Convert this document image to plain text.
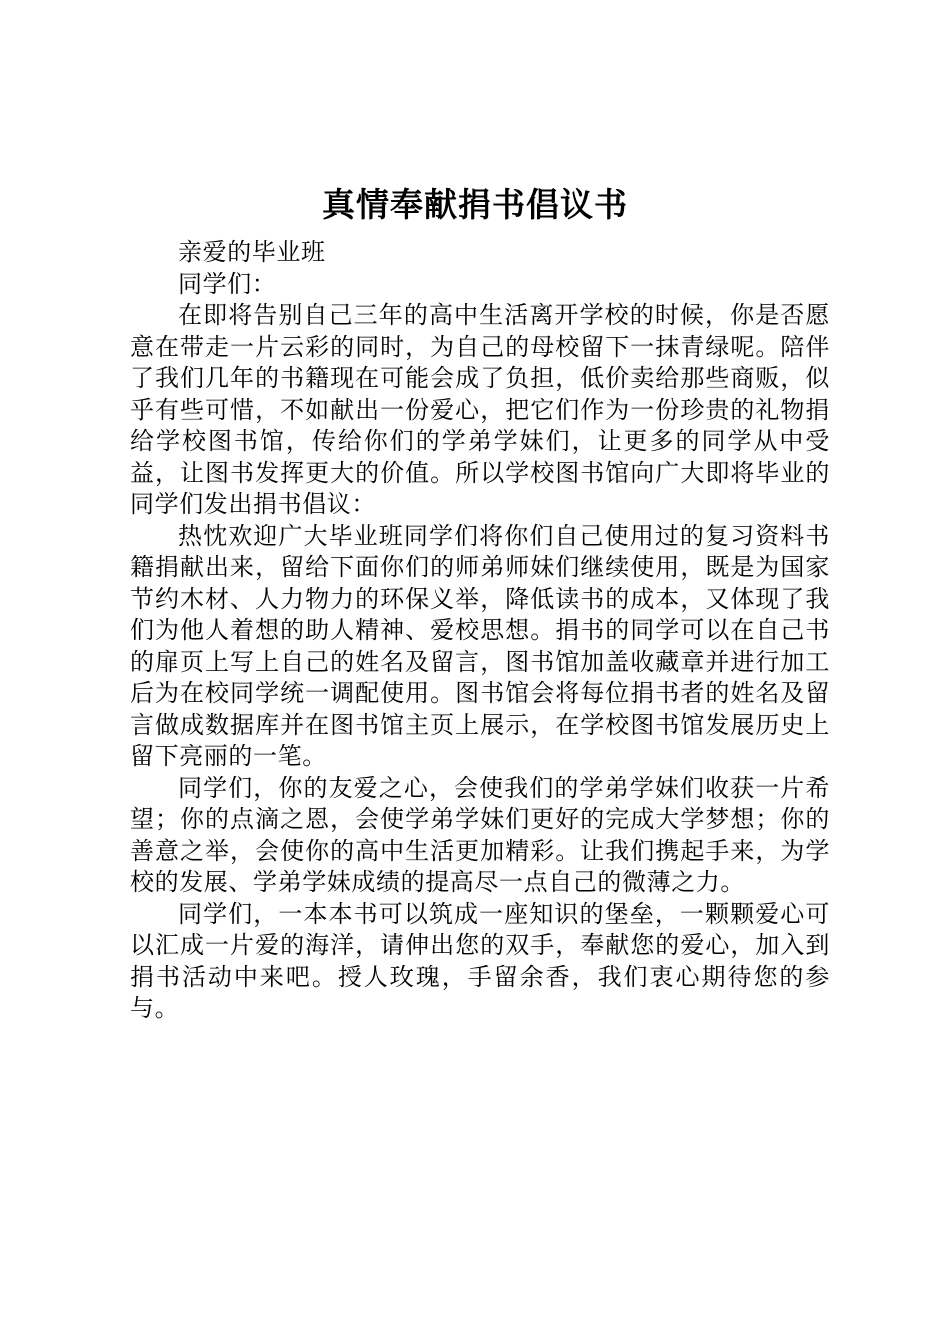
真情奉献捐书倡议书

亲爱的毕业班

同学们：

在即将告别自己三年的高中生活离开学校的时候，你是否愿意在带走一片云彩的同时，为自己的母校留下一抹青绿呢。陪伴了我们几年的书籍现在可能会成了负担，低价卖给那些商贩，似乎有些可惜，不如献出一份爱心，把它们作为一份珍贵的礼物捐给学校图书馆，传给你们的学弟学妹们，让更多的同学从中受益，让图书发挥更大的价值。所以学校图书馆向广大即将毕业的同学们发出捐书倡议：

热忱欢迎广大毕业班同学们将你们自己使用过的复习资料书籍捐献出来，留给下面你们的师弟师妹们继续使用，既是为国家节约木材、人力物力的环保义举，降低读书的成本，又体现了我们为他人着想的助人精神、爱校思想。捐书的同学可以在自己书的扉页上写上自己的姓名及留言，图书馆加盖收藏章并进行加工后为在校同学统一调配使用。图书馆会将每位捐书者的姓名及留言做成数据库并在图书馆主页上展示，在学校图书馆发展历史上留下亮丽的一笔。

同学们，你的友爱之心，会使我们的学弟学妹们收获一片希望；你的点滴之恩，会使学弟学妹们更好的完成大学梦想；你的善意之举，会使你的高中生活更加精彩。让我们携起手来，为学校的发展、学弟学妹成绩的提高尽一点自己的微薄之力。

同学们，一本本书可以筑成一座知识的堡垒，一颗颗爱心可以汇成一片爱的海洋，请伸出您的双手，奉献您的爱心，加入到捐书活动中来吧。授人玫瑰，手留余香，我们衷心期待您的参与。
